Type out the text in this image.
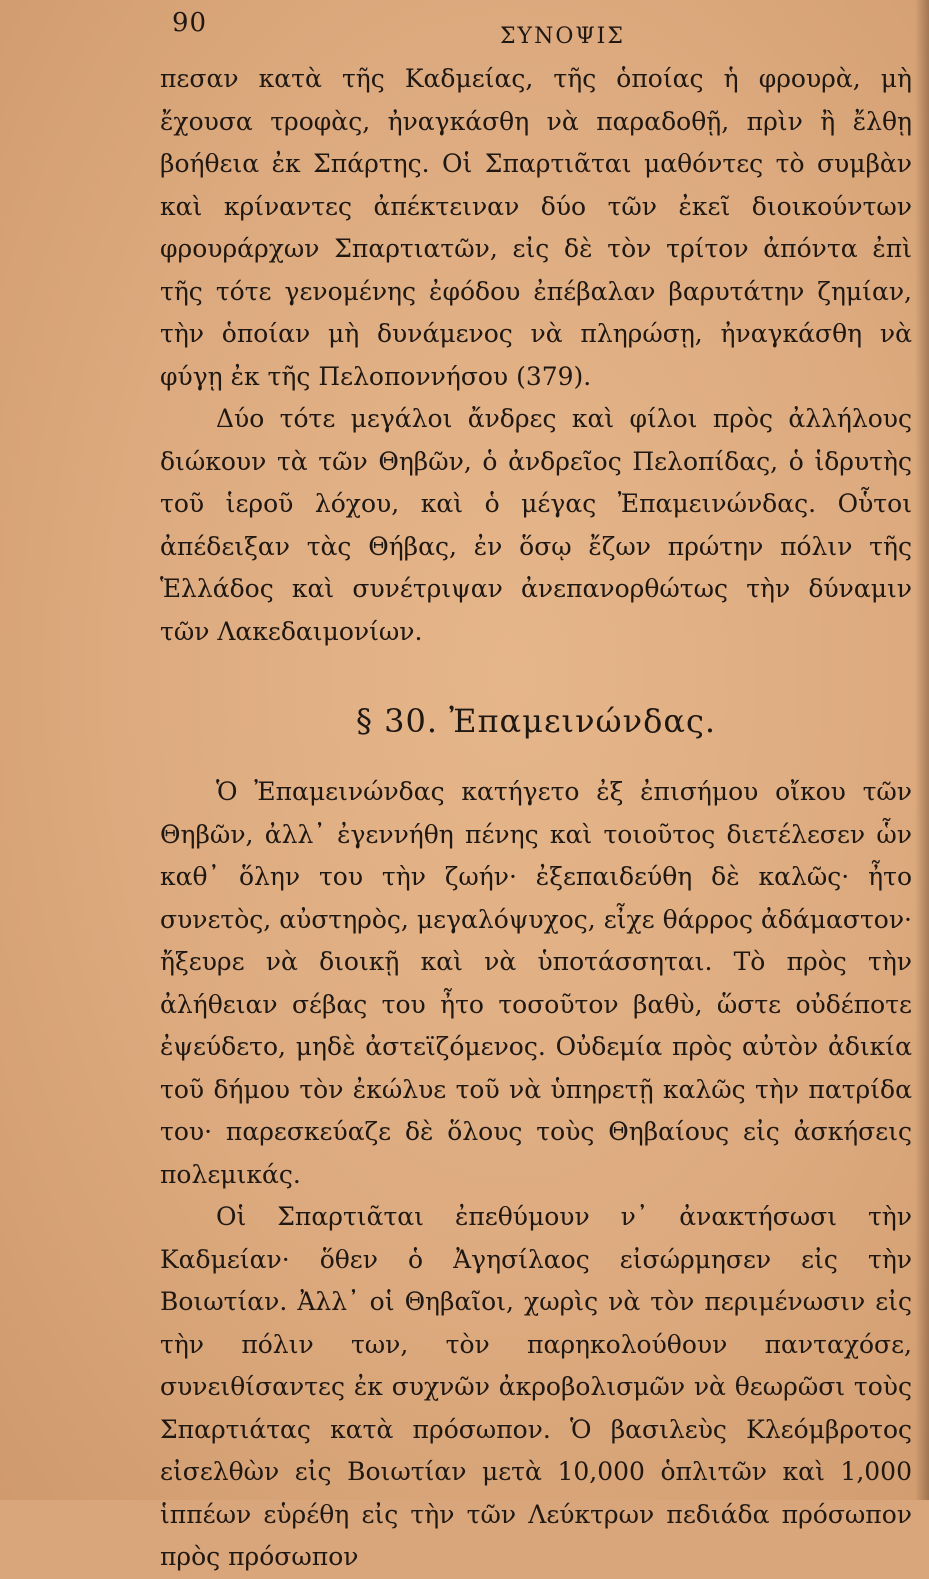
90	ΣΥΝΟΨΙΣ

πεσαν κατὰ τῆς Καδμείας, τῆς ὁποίας ἡ φρουρὰ, μὴ ἔχουσα τροφὰς, ἠναγκάσθη νὰ παραδοθῇ, πρὶν ἢ ἔλθῃ βοήθεια ἐκ Σπάρτης. Οἱ Σπαρτιᾶται μαθόντες τὸ συμβὰν καὶ κρίναντες ἀπέκτειναν δύο τῶν ἐκεῖ διοικούντων φρουράρχων Σπαρτιατῶν, εἰς δὲ τὸν τρίτον ἀπόντα ἐπὶ τῆς τότε γενομένης ἐφόδου ἐπέβαλαν βαρυτάτην ζημίαν, τὴν ὁποίαν μὴ δυνάμενος νὰ πληρώσῃ, ἠναγκάσθη νὰ φύγῃ ἐκ τῆς Πελοποννήσου (379).

Δύο τότε μεγάλοι ἄνδρες καὶ φίλοι πρὸς ἀλλήλους διώκουν τὰ τῶν Θηβῶν, ὁ ἀνδρεῖος Πελοπίδας, ὁ ἱδρυτὴς τοῦ ἱεροῦ λόχου, καὶ ὁ μέγας Ἐπαμεινώνδας. Οὗτοι ἀπέδειξαν τὰς Θήβας, ἐν ὅσῳ ἔζων πρώτην πόλιν τῆς Ἑλλάδος καὶ συνέτριψαν ἀνεπανορθώτως τὴν δύναμιν τῶν Λακεδαιμονίων.

§ 30. Ἐπαμεινώνδας.

Ὁ Ἐπαμεινώνδας κατήγετο ἐξ ἐπισήμου οἴκου τῶν Θηβῶν, ἀλλ᾽ ἐγεννήθη πένης καὶ τοιοῦτος διετέλεσεν ὧν καθ᾽ ὅλην του τὴν ζωήν· ἐξεπαιδεύθη δὲ καλῶς· ἦτο συνετὸς, αὐστηρὸς, μεγαλόψυχος, εἶχε θάρρος ἀδάμαστον· ἤξευρε νὰ διοικῇ καὶ νὰ ὑποτάσσηται. Τὸ πρὸς τὴν ἀλήθειαν σέβας του ἦτο τοσοῦτον βαθὺ, ὥστε οὐδέποτε ἐψεύδετο, μηδὲ ἀστεϊζόμενος. Οὐδεμία πρὸς αὐτὸν ἀδικία τοῦ δήμου τὸν ἐκώλυε τοῦ νὰ ὑπηρετῇ καλῶς τὴν πατρίδα του· παρεσκεύαζε δὲ ὅλους τοὺς Θηβαίους εἰς ἀσκήσεις πολεμικάς.

Οἱ Σπαρτιᾶται ἐπεθύμουν ν᾽ ἀνακτήσωσι τὴν Καδμείαν· ὅθεν ὁ Ἀγησίλαος εἰσώρμησεν εἰς τὴν Βοιωτίαν. Ἀλλ᾽ οἱ Θηβαῖοι, χωρὶς νὰ τὸν περιμένωσιν εἰς τὴν πόλιν των, τὸν παρηκολούθουν πανταχόσε, συνειθίσαντες ἐκ συχνῶν ἀκροβολισμῶν νὰ θεωρῶσι τοὺς Σπαρτιάτας κατὰ πρόσωπον. Ὁ βασιλεὺς Κλεόμβροτος εἰσελθὼν εἰς Βοιωτίαν μετὰ 10,000 ὁπλιτῶν καὶ 1,000 ἱππέων εὑρέθη εἰς τὴν τῶν Λεύκτρων πεδιάδα πρόσωπον πρὸς πρόσωπον
